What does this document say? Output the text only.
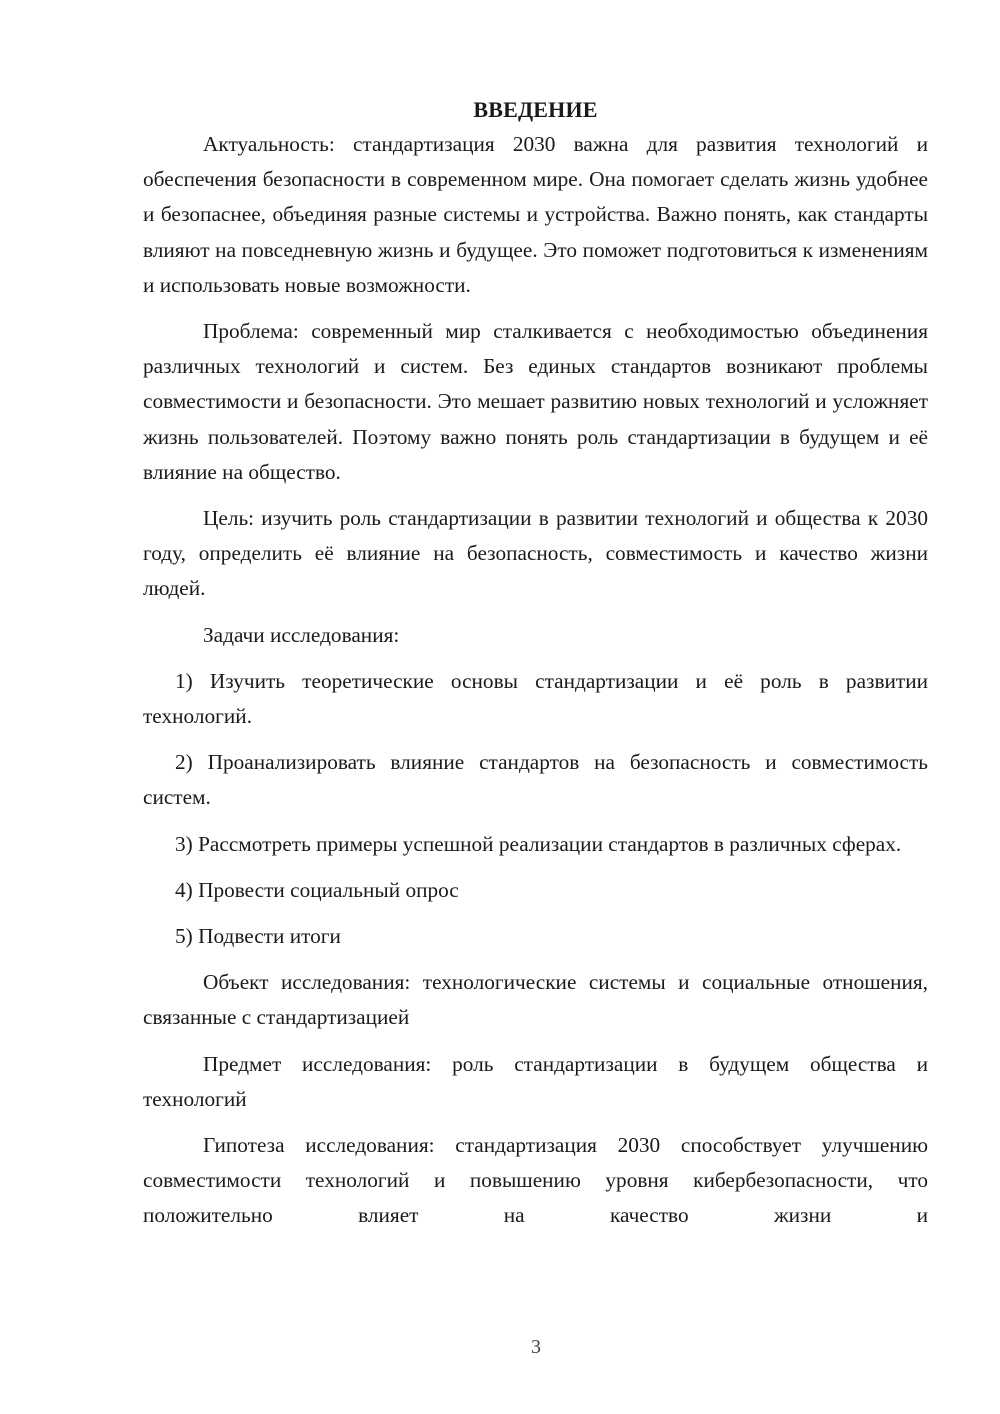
ВВЕДЕНИЕ

Актуальность: стандартизация 2030 важна для развития технологий и обеспечения безопасности в современном мире. Она помогает сделать жизнь удобнее и безопаснее, объединяя разные системы и устройства. Важно понять, как стандарты влияют на повседневную жизнь и будущее. Это поможет подготовиться к изменениям и использовать новые возможности.

Проблема: современный мир сталкивается с необходимостью объединения различных технологий и систем. Без единых стандартов возникают проблемы совместимости и безопасности. Это мешает развитию новых технологий и усложняет жизнь пользователей. Поэтому важно понять роль стандартизации в будущем и её влияние на общество.

Цель: изучить роль стандартизации в развитии технологий и общества к 2030 году, определить её влияние на безопасность, совместимость и качество жизни людей.

Задачи исследования:

1) Изучить теоретические основы стандартизации и её роль в развитии технологий.

2) Проанализировать влияние стандартов на безопасность и совместимость систем.

3) Рассмотреть примеры успешной реализации стандартов в различных сферах.

4) Провести социальный опрос

5) Подвести итоги

Объект исследования: технологические системы и социальные отношения, связанные с стандартизацией

Предмет исследования: роль стандартизации в будущем общества и технологий

Гипотеза исследования: стандартизация 2030 способствует улучшению совместимости технологий и повышению уровня кибербезопасности, что положительно влияет на качество жизни и

3
